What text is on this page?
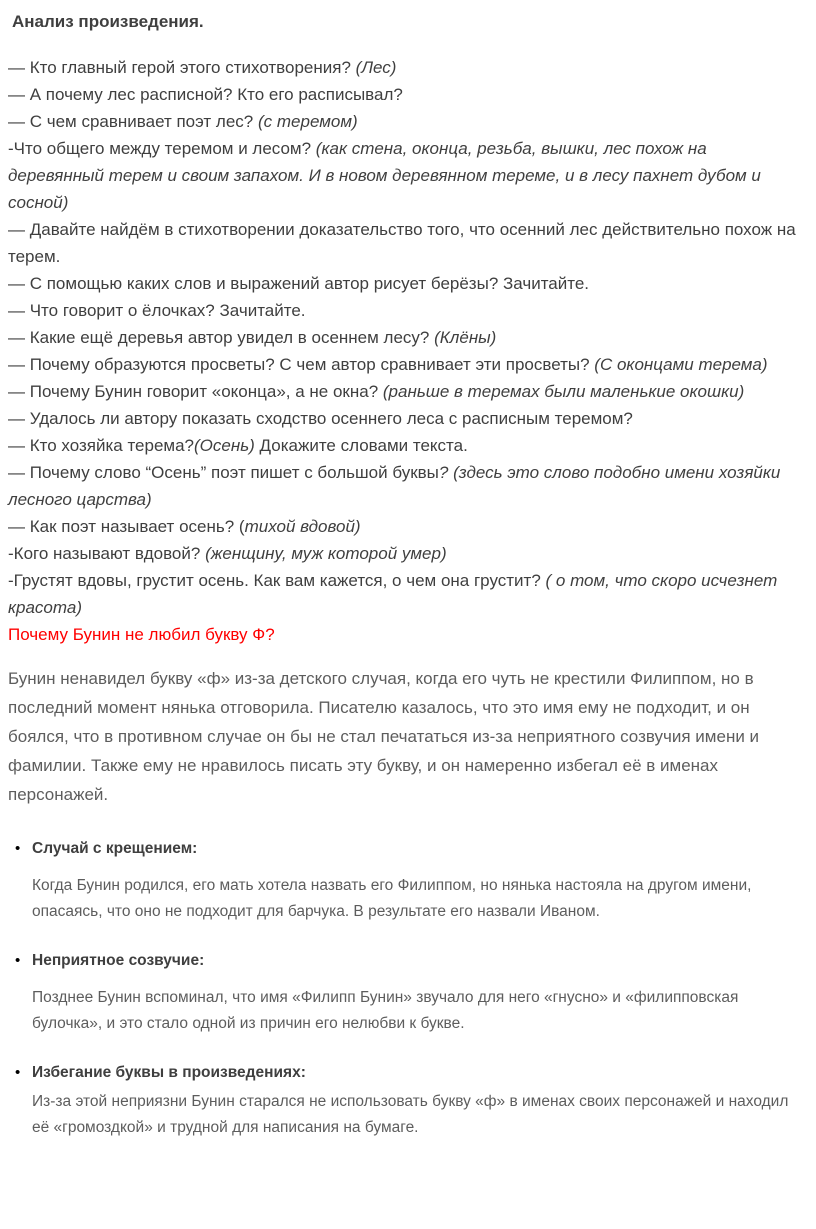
Анализ произведения.
— Кто главный герой этого стихотворения? (Лес)
— А почему лес расписной? Кто его расписывал?
— С чем сравнивает поэт лес? (с теремом)
-Что общего между теремом и лесом? (как стена, оконца, резьба, вышки, лес похож на деревянный терем и своим запахом. И в новом деревянном тереме, и в лесу пахнет дубом и сосной)
— Давайте найдём в стихотворении доказательство того, что осенний лес действительно похож на терем.
— С помощью каких слов и выражений автор рисует берёзы? Зачитайте.
— Что говорит о ёлочках? Зачитайте.
— Какие ещё деревья автор увидел в осеннем лесу? (Клёны)
— Почему образуются просветы? С чем автор сравнивает эти просветы? (С оконцами терема)
— Почему Бунин говорит «оконца», а не окна? (раньше в теремах были маленькие окошки)
— Удалось ли автору показать сходство осеннего леса с расписным теремом?
— Кто хозяйка терема?(Осень) Докажите словами текста.
— Почему слово “Осень” поэт пишет с большой буквы? (здесь это слово подобно имени хозяйки лесного царства)
— Как поэт называет осень? (тихой вдовой)
-Кого называют вдовой? (женщину, муж которой умер)
-Грустят вдовы, грустит осень. Как вам кажется, о чем она грустит? ( о том, что скоро исчезнет красота)

Почему Бунин не любил букву Ф?

Бунин ненавидел букву «ф» из-за детского случая, когда его чуть не крестили Филиппом, но в последний момент нянька отговорила. Писателю казалось, что это имя ему не подходит, и он боялся, что в противном случае он бы не стал печататься из-за неприятного созвучия имени и фамилии. Также ему не нравилось писать эту букву, и он намеренно избегал её в именах персонажей.

• Случай с крещением:
Когда Бунин родился, его мать хотела назвать его Филиппом, но нянька настояла на другом имени, опасаясь, что оно не подходит для барчука. В результате его назвали Иваном.
• Неприятное созвучие:
Позднее Бунин вспоминал, что имя «Филипп Бунин» звучало для него «гнусно» и «филипповская булочка», и это стало одной из причин его нелюбви к букве.
• Избегание буквы в произведениях:
Из-за этой неприязни Бунин старался не использовать букву «ф» в именах своих персонажей и находил её «громоздкой» и трудной для написания на бумаге.
